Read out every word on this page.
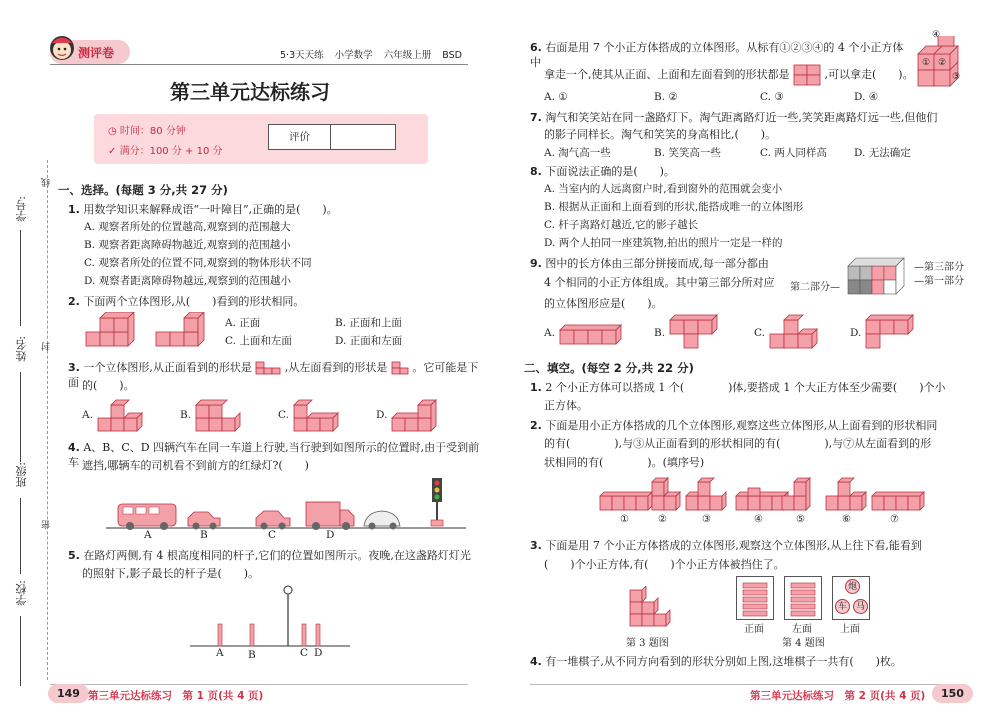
线
封
密
学号:
姓名:
班级:
学校:
测评卷	5·3天天练 小学数学 六年级上册 BSD
第三单元达标练习
◷ 时间：80 分钟
✓ 满分：100 分 + 10 分
评价
一、选择。(每题 3 分,共 27 分)
1. 用数学知识来解释成语“一叶障目”,正确的是(　　)。
A. 观察者所处的位置越高,观察到的范围越大
B. 观察者距离障碍物越近,观察到的范围越小
C. 观察者所处的位置不同,观察到的物体形状不同
D. 观察者距离障碍物越远,观察到的范围越小
2. 下面两个立体图形,从(　　)看到的形状相同。
A. 正面	B. 正面和上面
C. 上面和左面	D. 正面和左面
3. 一个立体图形,从正面看到的形状是	,从左面看到的形状是 。它可能是下面 的(　　)。
A.	B.	C.	D.
4. A、B、C、D 四辆汽车在同一车道上行驶,当行驶到如图所示的位置时,由于受到前车 遮挡,哪辆车的司机看不到前方的红绿灯?(　　)
A	B	C	D
5. 在路灯两侧,有 4 根高度相同的杆子,它们的位置如图所示。夜晚,在这盏路灯灯光
的照射下,影子最长的杆子是(　　)。
A B	C D
149 第三单元达标练习　第 1 页(共 4 页)
6. 右面是用 7 个小正方体搭成的立体图形。从标有①②③④的 4 个小正方体中
拿走一个,使其从正面、上面和左面看到的形状都是	,可以拿走(　　)。
④
① ②
③
A. ①	B. ②	C. ③	D. ④
7. 淘气和笑笑站在同一盏路灯下。淘气距离路灯近一些,笑笑距离路灯远一些,但他们
的影子同样长。淘气和笑笑的身高相比,(　　)。
A. 淘气高一些	B. 笑笑高一些	C. 两人同样高	D. 无法确定
8. 下面说法正确的是(　　)。
A. 当室内的人远离窗户时,看到窗外的范围就会变小
B. 根据从正面和上面看到的形状,能搭成唯一的立体图形
C. 杆子离路灯越近,它的影子越长
D. 两个人拍同一座建筑物,拍出的照片一定是一样的
9. 图中的长方体由三部分拼接而成,每一部分都由
4 个相同的小正方体组成。其中第三部分所对应
的立体图形应是(　　)。
—第三部分
—第一部分
第二部分—
A.	B.	C.	D.
二、填空。(每空 2 分,共 22 分)
1. 2 个小正方体可以搭成 1 个(　　　　)体,要搭成 1 个大正方体至少需要(　　)个小
正方体。
2. 下面是用小正方体搭成的几个立体图形,观察这些立体图形,从上面看到的形状相同
的有(　　　　),与③从正面看到的形状相同的有(　　　　),与⑦从左面看到的形
状相同的有(　　　　)。(填序号)
①	②	③	④	⑤	⑥	⑦
3. 下面是用 7 个小正方体搭成的立体图形,观察这个立体图形,从上往下看,能看到
(　　)个小正方体,有(　　)个小正方体被挡住了。
第 3 题图
炮
车 马
正面	左面	上面
第 4 题图
4. 有一堆棋子,从不同方向看到的形状分别如上图,这堆棋子一共有(　　)枚。
第三单元达标练习　第 2 页(共 4 页)	150
